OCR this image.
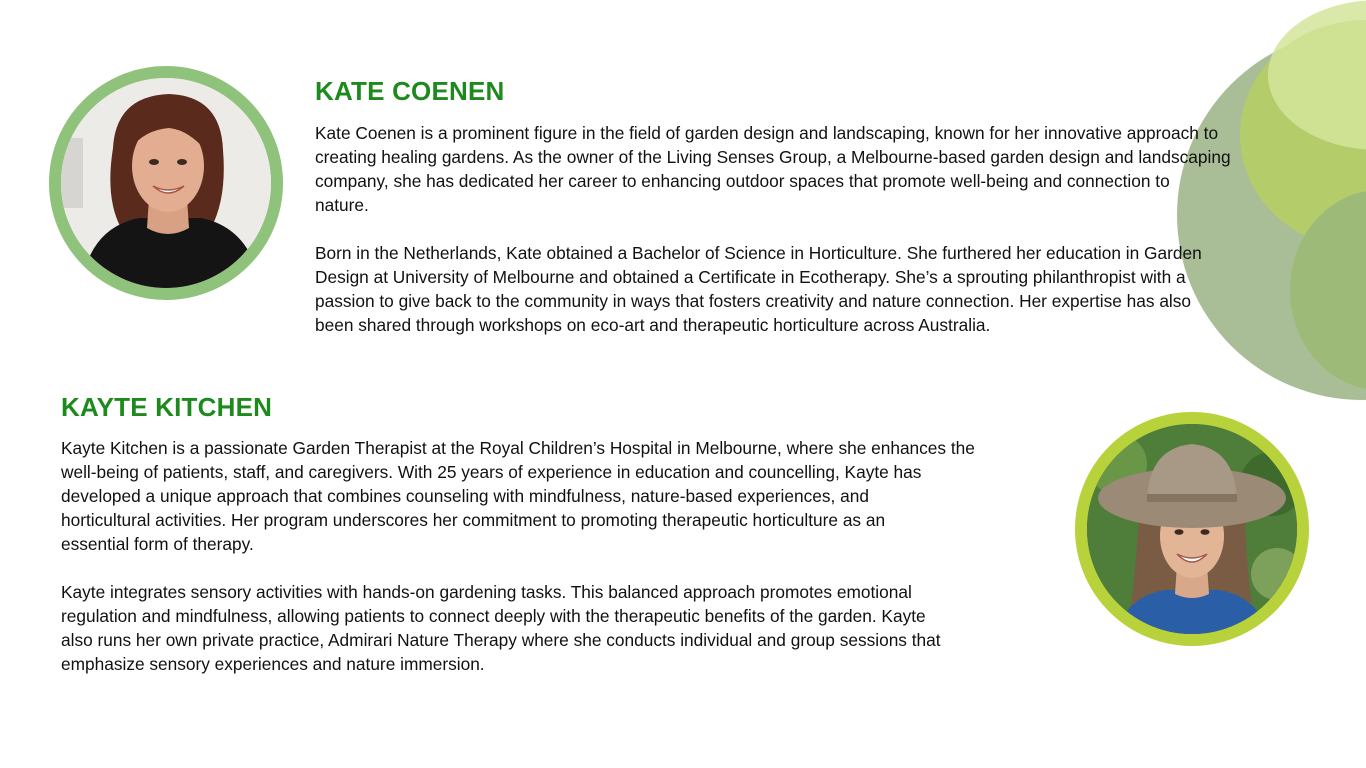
KATE COENEN

Kate Coenen is a prominent figure in the field of garden design and landscaping, known for her innovative approach to
creating healing gardens. As the owner of the Living Senses Group, a Melbourne-based garden design and landscaping
company, she has dedicated her career to enhancing outdoor spaces that promote well-being and connection to
nature.

Born in the Netherlands, Kate obtained a Bachelor of Science in Horticulture. She furthered her education in Garden
Design at University of Melbourne and obtained a Certificate in Ecotherapy. She’s a sprouting philanthropist with a
passion to give back to the community in ways that fosters creativity and nature connection. Her expertise has also
been shared through workshops on eco-art and therapeutic horticulture across Australia.

KAYTE KITCHEN

Kayte Kitchen is a passionate Garden Therapist at the Royal Children’s Hospital in Melbourne, where she enhances the
well-being of patients, staff, and caregivers. With 25 years of experience in education and councelling, Kayte has
developed a unique approach that combines counseling with mindfulness, nature-based experiences, and
horticultural activities. Her program underscores her commitment to promoting therapeutic horticulture as an
essential form of therapy.

Kayte integrates sensory activities with hands-on gardening tasks. This balanced approach promotes emotional
regulation and mindfulness, allowing patients to connect deeply with the therapeutic benefits of the garden. Kayte
also runs her own private practice, Admirari Nature Therapy where she conducts individual and group sessions that
emphasize sensory experiences and nature immersion.
